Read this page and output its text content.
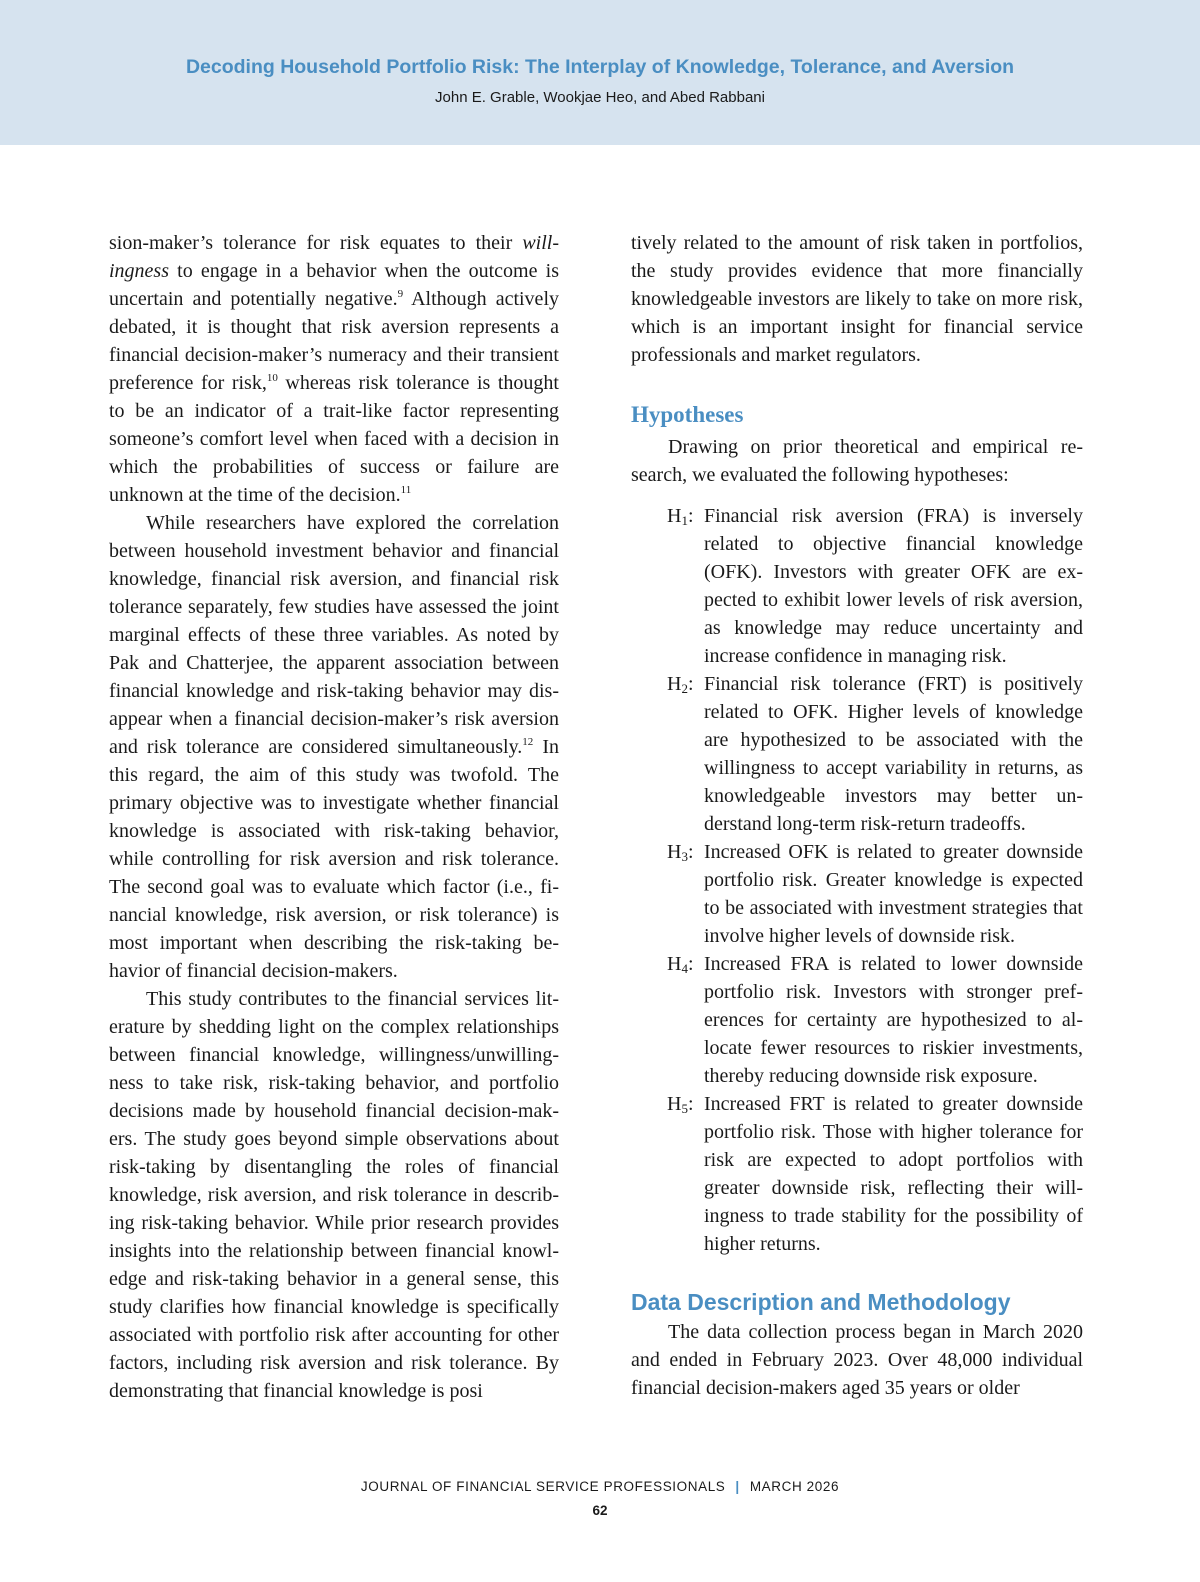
Decoding Household Portfolio Risk: The Interplay of Knowledge, Tolerance, and Aversion
John E. Grable, Wookjae Heo, and Abed Rabbani

sion-maker’s tolerance for risk equates to their willingness to engage in a behavior when the outcome is uncertain and potentially negative.$^9$ Although actively debated, it is thought that risk aversion represents a financial decision-maker’s numeracy and their transient preference for risk,$^{10}$ whereas risk tolerance is thought to be an indicator of a trait-like factor representing someone’s comfort level when faced with a decision in which the probabilities of success or failure are unknown at the time of the decision.$^{11}$

While researchers have explored the correlation between household investment behavior and financial knowledge, financial risk aversion, and financial risk tolerance separately, few studies have assessed the joint marginal effects of these three variables. As noted by Pak and Chatterjee, the apparent association between financial knowledge and risk-taking behavior may disappear when a financial decision-maker’s risk aversion and risk tolerance are considered simultaneously.$^{12}$ In this regard, the aim of this study was twofold. The primary objective was to investigate whether financial knowledge is associated with risk-taking behavior, while controlling for risk aversion and risk tolerance. The second goal was to evaluate which factor (i.e., financial knowledge, risk aversion, or risk tolerance) is most important when describing the risk-taking behavior of financial decision-makers.

This study contributes to the financial services literature by shedding light on the complex relationships between financial knowledge, willingness/unwillingness to take risk, risk-taking behavior, and portfolio decisions made by household financial decision-makers. The study goes beyond simple observations about risk-taking by disentangling the roles of financial knowledge, risk aversion, and risk tolerance in describing risk-taking behavior. While prior research provides insights into the relationship between financial knowledge and risk-taking behavior in a general sense, this study clarifies how financial knowledge is specifically associated with portfolio risk after accounting for other factors, including risk aversion and risk tolerance. By demonstrating that financial knowledge is posi

tively related to the amount of risk taken in portfolios, the study provides evidence that more financially knowledgeable investors are likely to take on more risk, which is an important insight for financial service professionals and market regulators.

Hypotheses

Drawing on prior theoretical and empirical research, we evaluated the following hypotheses:

$H_1$: Financial risk aversion (FRA) is inversely related to objective financial knowledge (OFK). Investors with greater OFK are expected to exhibit lower levels of risk aversion, as knowledge may reduce uncertainty and increase confidence in managing risk.
$H_2$: Financial risk tolerance (FRT) is positively related to OFK. Higher levels of knowledge are hypothesized to be associated with the willingness to accept variability in returns, as knowledgeable investors may better understand long-term risk-return tradeoffs.
$H_3$: Increased OFK is related to greater downside portfolio risk. Greater knowledge is expected to be associated with investment strategies that involve higher levels of downside risk.
$H_4$: Increased FRA is related to lower downside portfolio risk. Investors with stronger preferences for certainty are hypothesized to allocate fewer resources to riskier investments, thereby reducing downside risk exposure.
$H_5$: Increased FRT is related to greater downside portfolio risk. Those with higher tolerance for risk are expected to adopt portfolios with greater downside risk, reflecting their willingness to trade stability for the possibility of higher returns.
Data Description and Methodology

The data collection process began in March 2020 and ended in February 2023. Over 48,000 individual financial decision-makers aged 35 years or older

JOURNAL OF FINANCIAL SERVICE PROFESSIONALS | MARCH 2026
62
